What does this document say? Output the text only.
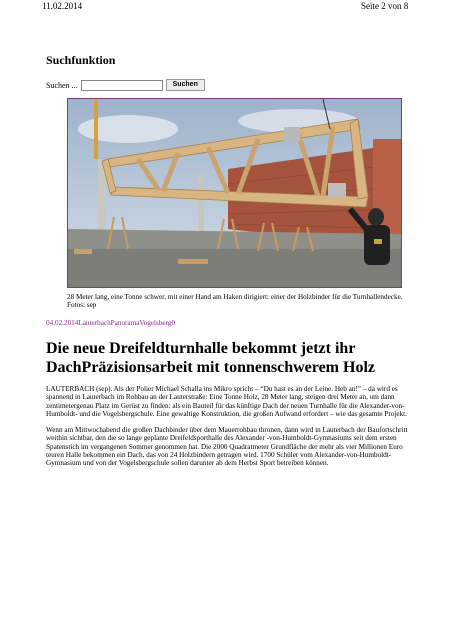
11.02.2014	Seite 2 von 8
Suchfunktion
Suchen ...	Suchen
28 Meter lang, eine Tonne schwer, mit einer Hand am Haken dirigiert: einer der Holzbinder für die Turnhallendecke. Fotos: sep
04.02.2014LauterbachPanoramaVogelsberg0
Die neue Dreifeldturnhalle bekommt jetzt ihr DachPräzisionsarbeit mit tonnenschwerem Holz
LAUTERBACH (sep). Als der Polier Michael Schalla ins Mikro spricht – “Du hast es an der Leine. Heb an!” – da wird es spannend in Lauterbach im Rohbau an der Lauterstraße: Eine Tonne Holz, 28 Meter lang, steigen drei Meter an, um dann zentimetergenau Platz im Gerüst zu finden: als ein Bauteil für das künftige Dach der neuen Turnhalle für die Alexander-von-Humboldt- und die Vogelsbergschule. Eine gewaltige Konstruktion, die großen Aufwand erfordert – wie das gesamte Projekt.
Wenn am Mittwochabend die großen Dachbinder über dem Mauerrohbau thronen, dann wird in Lauterbach der Baufortschritt weithin sichtbar, den die so lange geplante Dreifeldsporthalle des Alexander -von-Humboldt-Gymnasiums seit dem ersten Spatenstich im vergangenen Sommer genommen hat. Die 2000 Quadratmeter Grundfläche der mehr als vier Millionen Euro teuren Halle bekommen ein Dach, das von 24 Holzbindern getragen wird. 1700 Schüler vom Alexander-von-Humboldt-Gymnasium und von der Vogelsbergschule sollen darunter ab dem Herbst Sport betreiben können.
